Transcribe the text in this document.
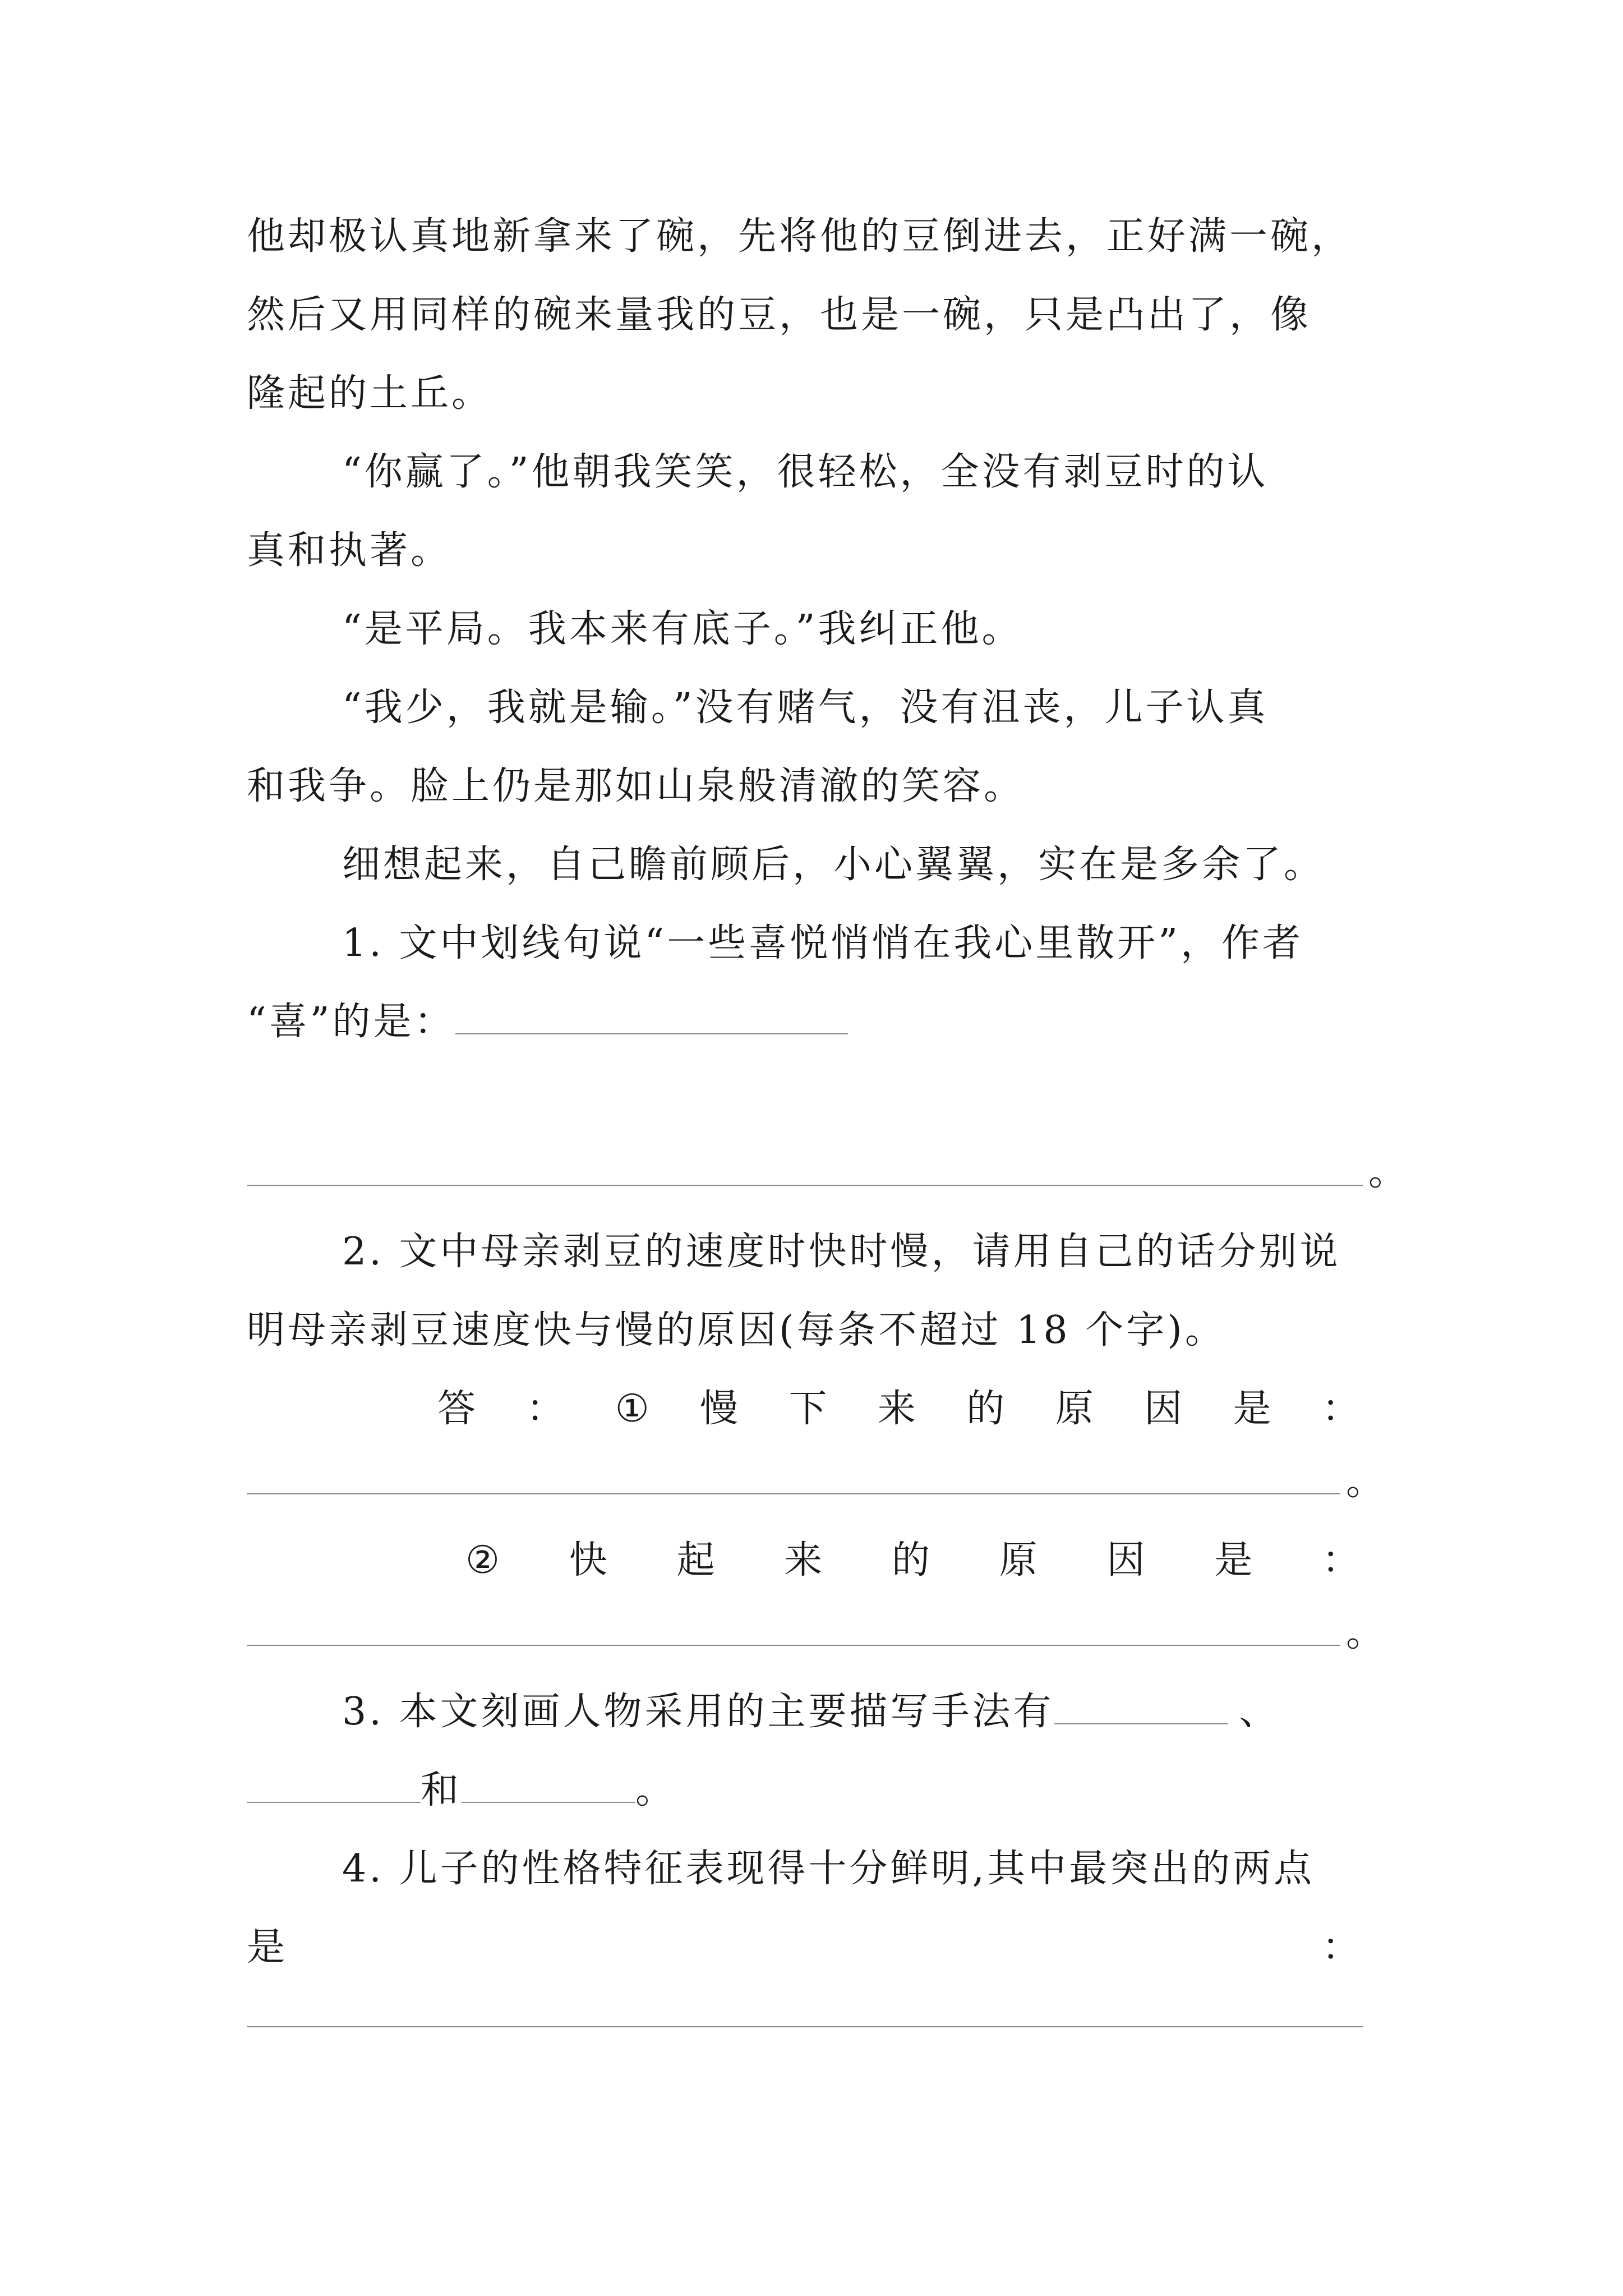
他却极认真地新拿来了碗，先将他的豆倒进去，正好满一碗，
然后又用同样的碗来量我的豆，也是一碗，只是凸出了，像
隆起的土丘。
“你赢了。”他朝我笑笑，很轻松，全没有剥豆时的认
真和执著。
“是平局。我本来有底子。”我纠正他。
“我少，我就是输。”没有赌气，没有沮丧，儿子认真
和我争。脸上仍是那如山泉般清澈的笑容。
细想起来，自己瞻前顾后，小心翼翼，实在是多余了。
1. 文中划线句说“一些喜悦悄悄在我心里散开”，作者
“喜”的是：
。
2. 文中母亲剥豆的速度时快时慢，请用自己的话分别说
明母亲剥豆速度快与慢的原因(每条不超过 18 个字)。
答 ： ① 慢 下 来 的 原 因 是 ：
。
② 快 起 来 的 原 因 是 ：
。
3. 本文刻画人物采用的主要描写手法有	、
和	。
4. 儿子的性格特征表现得十分鲜明,其中最突出的两点
是	：
